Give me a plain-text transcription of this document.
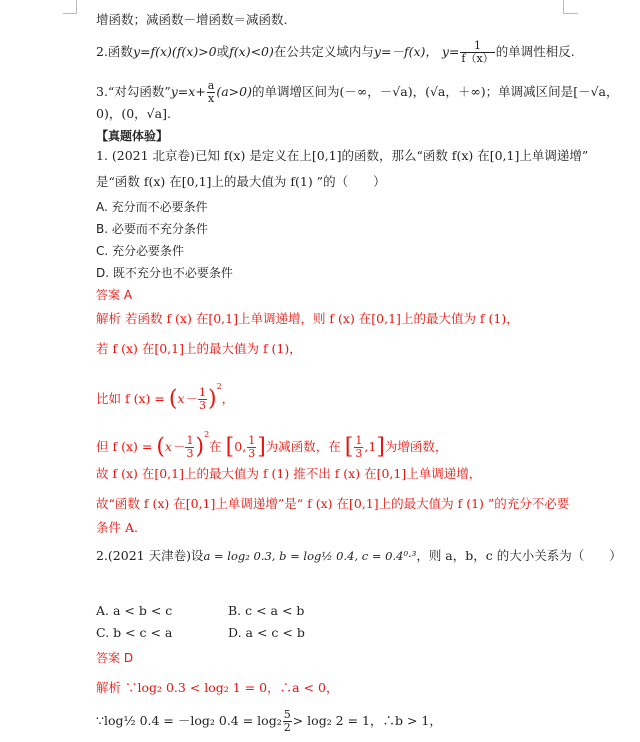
增函数；减函数－增函数＝减函数.
2.函数y=f(x)(f(x)>0或f(x)<0)在公共定义域内与y=－f(x)， $y= \frac{1}{f(x)}$ 的单调性相反.
3.“对勾函数”y=x+ $\frac{a}{x} (a>0)$的单调增区间为(－∞，－√a)，(√a，＋∞)；单调减区间是[－√a，
0)，(0，√a].
【真题体验】
1. (2021 北京卷)已知 f(x) 是定义在上[0,1]的函数，那么“函数 f(x) 在[0,1]上单调递增”
是“函数 f(x) 在[0,1]上的最大值为 f(1) ”的（　　）
A. 充分而不必要条件
B. 必要而不充分条件
C. 充分必要条件
D. 既不充分也不必要条件
答案 A
解析 若函数 f (x) 在[0,1]上单调递增，则 f (x) 在[0,1]上的最大值为 f (1)，
若 f (x) 在[0,1]上的最大值为 f (1)，
比如 f $(x) = (x- \frac{1}{3} )^2$，
但 f $(x) = (x- \frac{1}{3} )^2$在 [0, $\frac{1}{3}$ ]为减函数，在 [ $\frac{1}{3} ,1$]为增函数，
故 f (x) 在[0,1]上的最大值为 f (1) 推不出 f (x) 在[0,1]上单调递增，
故“函数 f (x) 在[0,1]上单调递增”是“ f (x) 在[0,1]上的最大值为 f (1) ”的充分不必要
条件 A.
2.(2021 天津卷)设a = log₂ 0.3, b = log½ 0.4, c = 0.4⁰·³，则 a，b，c 的大小关系为（　　）
A. a < b < c	B. c < a < b
C. b < c < a	D. a < c < b
答案 D
解析 ∵log₂ 0.3 < log₂ 1 = 0，∴a < 0，
∵log½ 0.4 = －log₂ $0.4 = \log_2 \frac{5}{2} > \log_2$ 2 = 1，∴b > 1，
